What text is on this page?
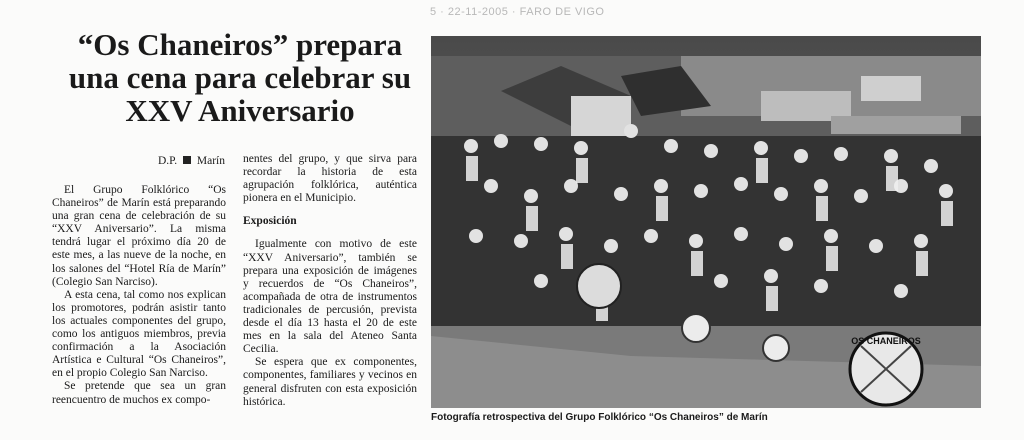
5 · 22-11-2005 · FARO DE VIGO
“Os Chaneiros” prepara una cena para celebrar su XXV Aniversario
D.P. Marín

El Grupo Folklórico “Os Chaneiros” de Marín está preparando una gran cena de celebración de su “XXV Aniversario”. La misma tendrá lugar el próximo día 20 de este mes, a las nueve de la noche, en los salones del “Hotel Ría de Marín” (Colegio San Narciso).

A esta cena, tal como nos explican los promotores, podrán asistir tanto los actuales componentes del grupo, como los antiguos miembros, previa confirmación a la Asociación Artística e Cultural “Os Chaneiros”, en el propio Colegio San Narciso.

Se pretende que sea un gran reencuentro de muchos ex compo-

nentes del grupo, y que sirva para recordar la historia de esta agrupación folklórica, auténtica pionera en el Municipio.

Exposición

Igualmente con motivo de este “XXV Aniversario”, también se prepara una exposición de imágenes y recuerdos de “Os Chaneiros”, acompañada de otra de instrumentos tradicionales de percusión, prevista desde el día 13 hasta el 20 de este mes en la sala del Ateneo Santa Cecilia.

Se espera que ex componentes, componentes, familiares y vecinos en general disfruten con esta exposición histórica.

OS CHANEIROS
Fotografía retrospectiva del Grupo Folklórico “Os Chaneiros” de Marín
